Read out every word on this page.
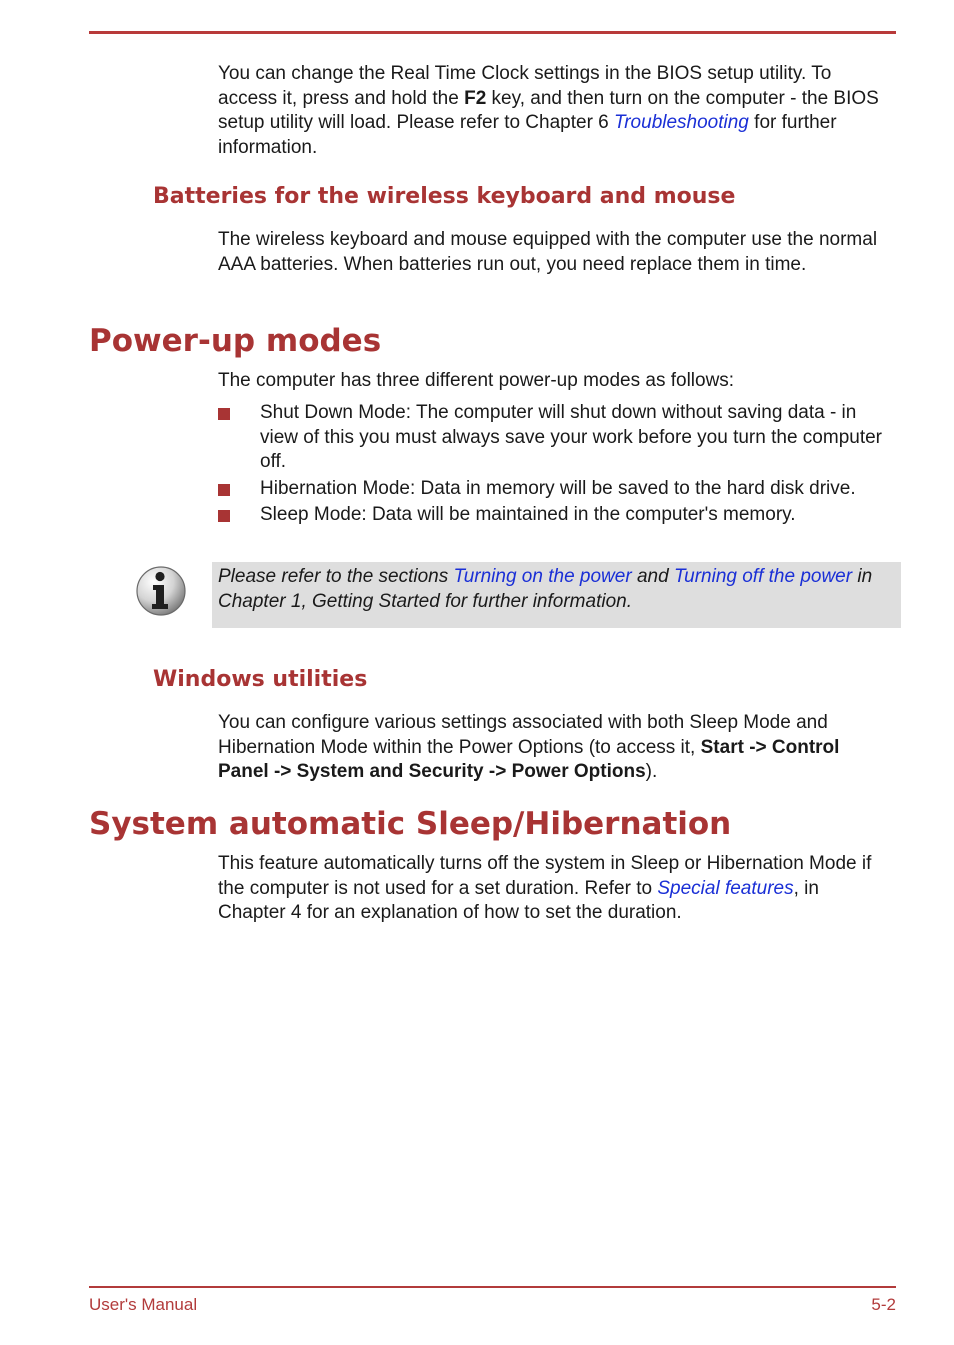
You can change the Real Time Clock settings in the BIOS setup utility. To access it, press and hold the F2 key, and then turn on the computer - the BIOS setup utility will load. Please refer to Chapter 6 Troubleshooting for further information.

Batteries for the wireless keyboard and mouse

The wireless keyboard and mouse equipped with the computer use the normal AAA batteries. When batteries run out, you need replace them in time.

Power-up modes

The computer has three different power-up modes as follows:

Shut Down Mode: The computer will shut down without saving data - in view of this you must always save your work before you turn the computer off.
Hibernation Mode: Data in memory will be saved to the hard disk drive.
Sleep Mode: Data will be maintained in the computer's memory.

Please refer to the sections Turning on the power and Turning off the power in Chapter 1, Getting Started for further information.

Windows utilities

You can configure various settings associated with both Sleep Mode and Hibernation Mode within the Power Options (to access it, Start -> Control Panel -> System and Security -> Power Options).

System automatic Sleep/Hibernation

This feature automatically turns off the system in Sleep or Hibernation Mode if the computer is not used for a set duration. Refer to Special features, in Chapter 4 for an explanation of how to set the duration.

User's Manual	5-2
